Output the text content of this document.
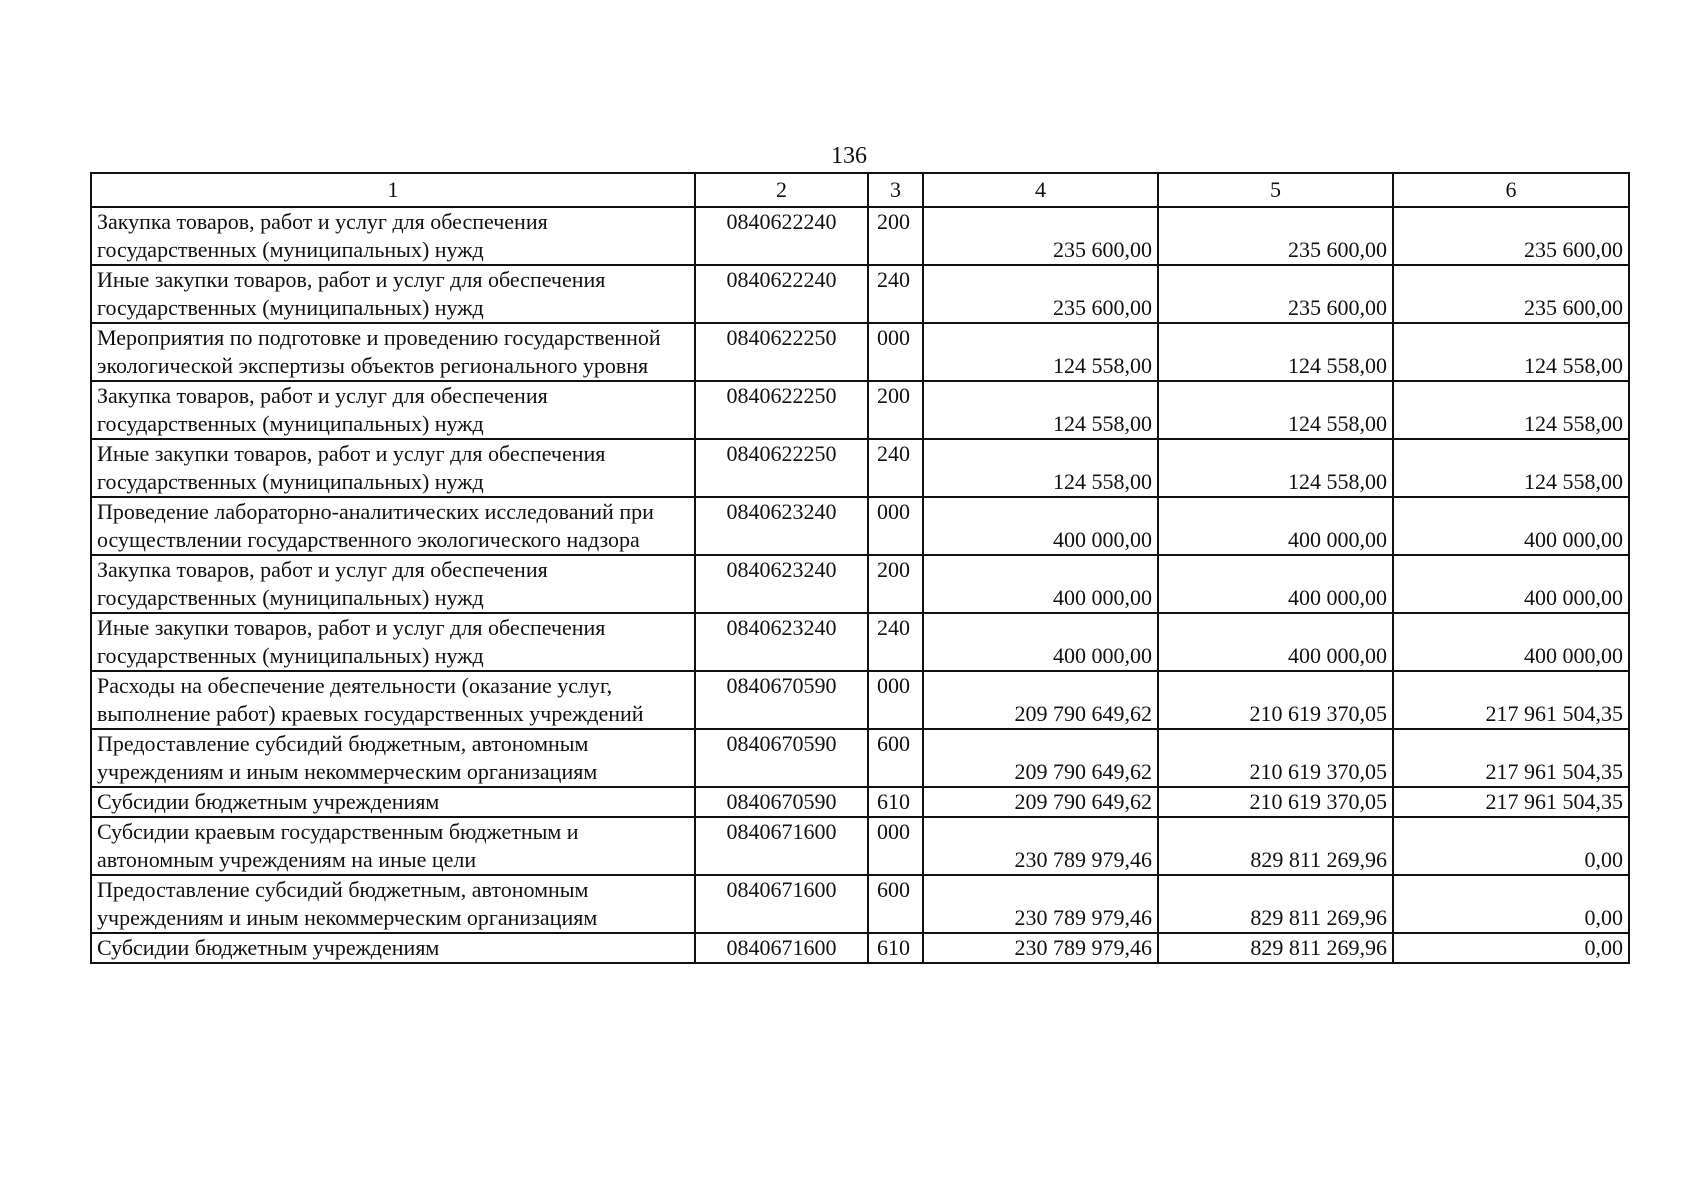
136
1	2	3	4	5	6
Закупка товаров, работ и услуг для обеспечения государственных (муниципальных) нужд	0840622240	200	235 600,00	235 600,00	235 600,00
Иные закупки товаров, работ и услуг для обеспечения государственных (муниципальных) нужд	0840622240	240	235 600,00	235 600,00	235 600,00
Мероприятия по подготовке и проведению государственной экологической экспертизы объектов регионального уровня	0840622250	000	124 558,00	124 558,00	124 558,00
Закупка товаров, работ и услуг для обеспечения государственных (муниципальных) нужд	0840622250	200	124 558,00	124 558,00	124 558,00
Иные закупки товаров, работ и услуг для обеспечения государственных (муниципальных) нужд	0840622250	240	124 558,00	124 558,00	124 558,00
Проведение лабораторно-аналитических исследований при осуществлении государственного экологического надзора	0840623240	000	400 000,00	400 000,00	400 000,00
Закупка товаров, работ и услуг для обеспечения государственных (муниципальных) нужд	0840623240	200	400 000,00	400 000,00	400 000,00
Иные закупки товаров, работ и услуг для обеспечения государственных (муниципальных) нужд	0840623240	240	400 000,00	400 000,00	400 000,00
Расходы на обеспечение деятельности (оказание услуг, выполнение работ) краевых государственных учреждений	0840670590	000	209 790 649,62	210 619 370,05	217 961 504,35
Предоставление субсидий бюджетным, автономным учреждениям и иным некоммерческим организациям	0840670590	600	209 790 649,62	210 619 370,05	217 961 504,35
Субсидии бюджетным учреждениям	0840670590	610	209 790 649,62	210 619 370,05	217 961 504,35
Субсидии краевым государственным бюджетным и автономным учреждениям на иные цели	0840671600	000	230 789 979,46	829 811 269,96	0,00
Предоставление субсидий бюджетным, автономным учреждениям и иным некоммерческим организациям	0840671600	600	230 789 979,46	829 811 269,96	0,00
Субсидии бюджетным учреждениям	0840671600	610	230 789 979,46	829 811 269,96	0,00
